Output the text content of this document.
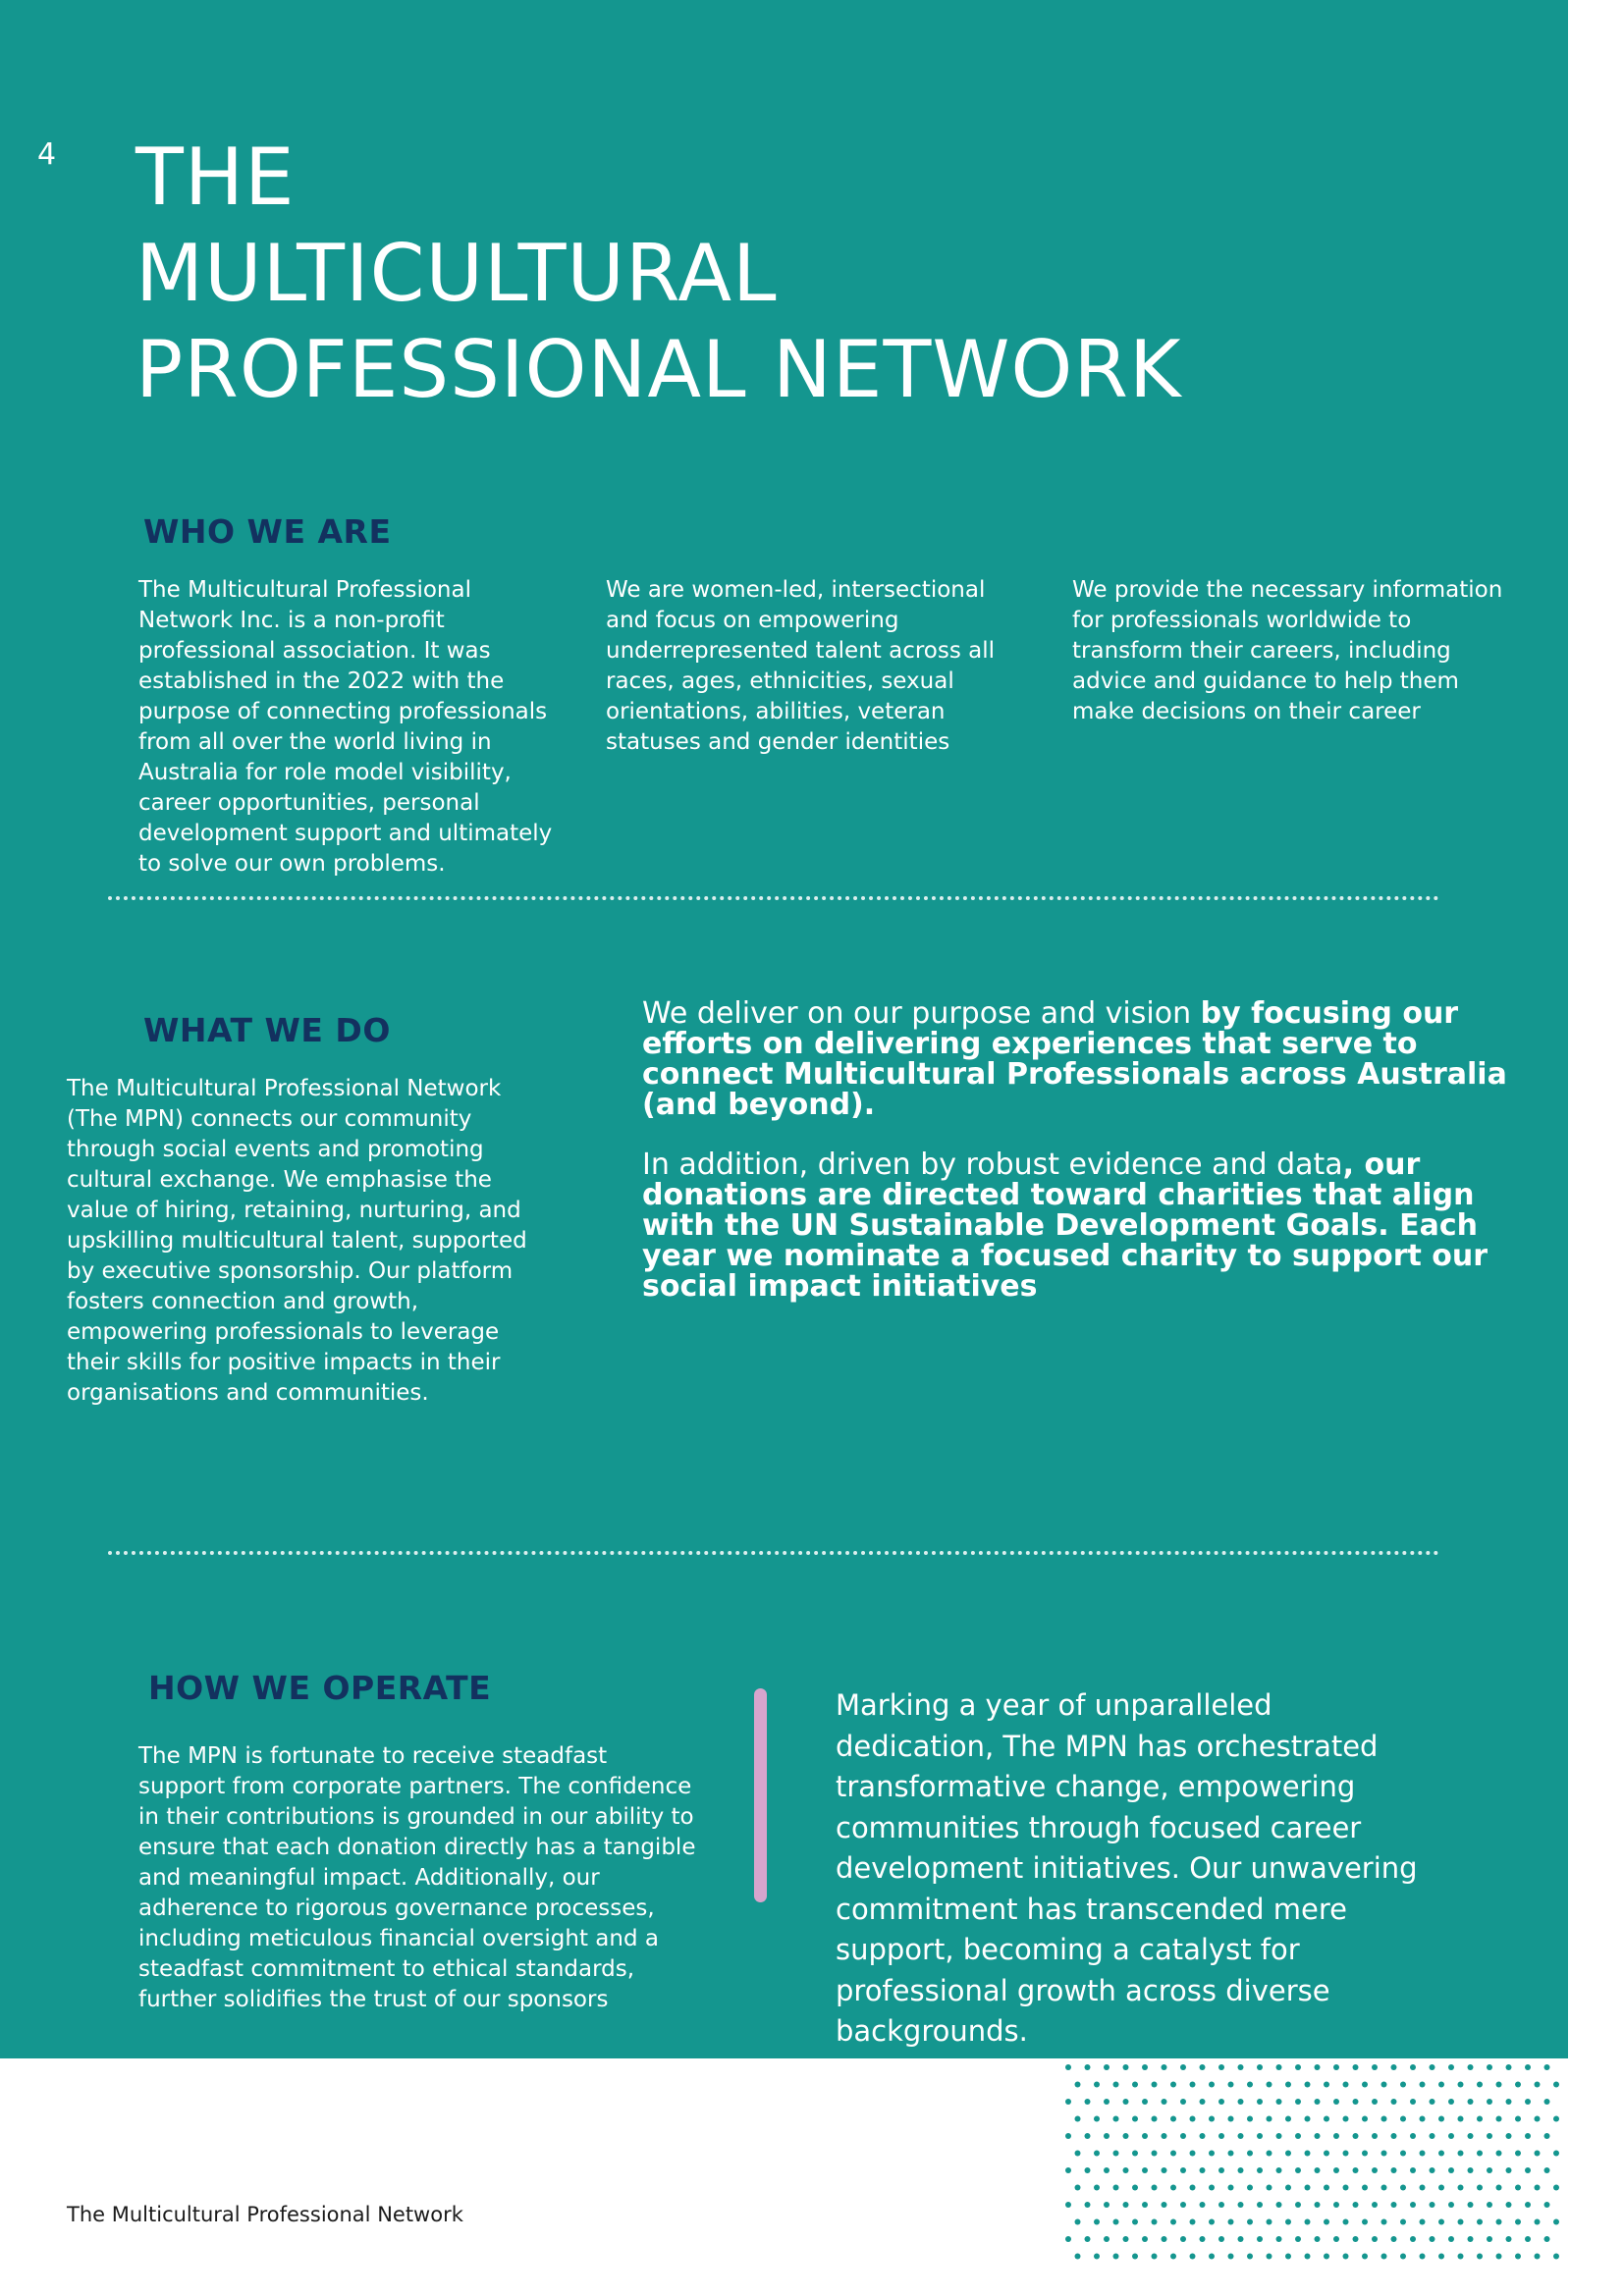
4 THE
MULTICULTURAL
PROFESSIONAL NETWORK
WHO WE ARE
The Multicultural Professional Network Inc. is a non-profit professional association. It was established in the 2022 with the purpose of connecting professionals from all over the world living in Australia for role model visibility, career opportunities, personal development support and ultimately to solve our own problems.
We are women-led, intersectional and focus on empowering underrepresented talent across all races, ages, ethnicities, sexual orientations, abilities, veteran statuses and gender identities
We provide the necessary information for professionals worldwide to transform their careers, including advice and guidance to help them make decisions on their career
WHAT WE DO
The Multicultural Professional Network (The MPN) connects our community through social events and promoting cultural exchange. We emphasise the value of hiring, retaining, nurturing, and upskilling multicultural talent, supported by executive sponsorship. Our platform fosters connection and growth, empowering professionals to leverage their skills for positive impacts in their organisations and communities.

We deliver on our purpose and vision by focusing our efforts on delivering experiences that serve to connect Multicultural Professionals across Australia (and beyond).

In addition, driven by robust evidence and data, our donations are directed toward charities that align with the UN Sustainable Development Goals. Each year we nominate a focused charity to support our social impact initiatives

HOW WE OPERATE
The MPN is fortunate to receive steadfast support from corporate partners. The confidence in their contributions is grounded in our ability to ensure that each donation directly has a tangible and meaningful impact. Additionally, our adherence to rigorous governance processes, including meticulous financial oversight and a steadfast commitment to ethical standards, further solidifies the trust of our sponsors
Marking a year of unparalleled dedication, The MPN has orchestrated transformative change, empowering communities through focused career development initiatives. Our unwavering commitment has transcended mere support, becoming a catalyst for professional growth across diverse backgrounds.
The Multicultural Professional Network
